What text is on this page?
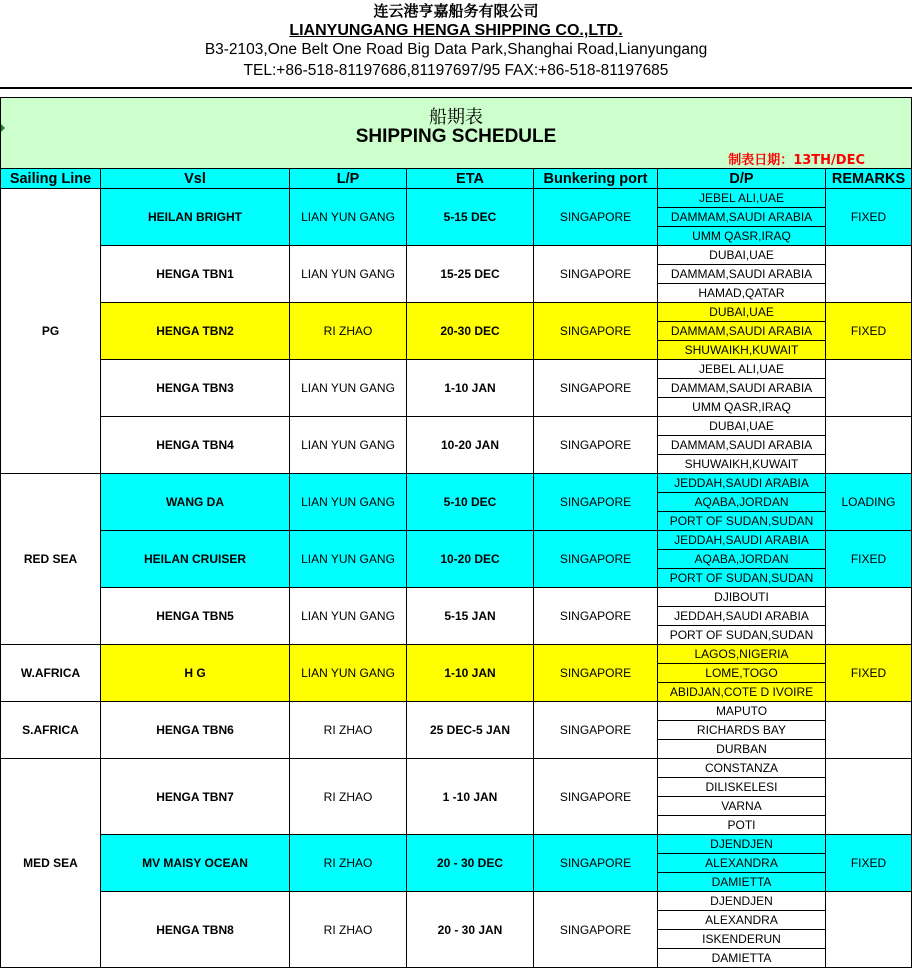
连云港亨嘉船务有限公司
LIANYUNGANG HENGA SHIPPING CO.,LTD.
B3-2103,One Belt One Road Big Data Park,Shanghai Road,Lianyungang
TEL:+86-518-81197686,81197697/95 FAX:+86-518-81197685
船期表
SHIPPING SCHEDULE
制表日期：13TH/DEC
Sailing Line	Vsl	L/P	ETA	Bunkering port	D/P	REMARKS
PG	HEILAN BRIGHT	LIAN YUN GANG	5-15 DEC	SINGAPORE	JEBEL ALI,UAE	FIXED
					DAMMAM,SAUDI ARABIA	
					UMM QASR,IRAQ	
	HENGA TBN1	LIAN YUN GANG	15-25 DEC	SINGAPORE	DUBAI,UAE	
					DAMMAM,SAUDI ARABIA	
					HAMAD,QATAR	
	HENGA TBN2	RI ZHAO	20-30 DEC	SINGAPORE	DUBAI,UAE	FIXED
					DAMMAM,SAUDI ARABIA	
					SHUWAIKH,KUWAIT	
	HENGA TBN3	LIAN YUN GANG	1-10 JAN	SINGAPORE	JEBEL ALI,UAE	
					DAMMAM,SAUDI ARABIA	
					UMM QASR,IRAQ	
	HENGA TBN4	LIAN YUN GANG	10-20 JAN	SINGAPORE	DUBAI,UAE	
					DAMMAM,SAUDI ARABIA	
					SHUWAIKH,KUWAIT	
RED SEA	WANG DA	LIAN YUN GANG	5-10 DEC	SINGAPORE	JEDDAH,SAUDI ARABIA	LOADING
					AQABA,JORDAN	
					PORT OF SUDAN,SUDAN	
	HEILAN CRUISER	LIAN YUN GANG	10-20 DEC	SINGAPORE	JEDDAH,SAUDI ARABIA	FIXED
					AQABA,JORDAN	
					PORT OF SUDAN,SUDAN	
	HENGA TBN5	LIAN YUN GANG	5-15 JAN	SINGAPORE	DJIBOUTI	
					JEDDAH,SAUDI ARABIA	
					PORT OF SUDAN,SUDAN	
W.AFRICA	H G	LIAN YUN GANG	1-10 JAN	SINGAPORE	LAGOS,NIGERIA	FIXED
					LOME,TOGO	
					ABIDJAN,COTE D IVOIRE	
S.AFRICA	HENGA TBN6	RI ZHAO	25 DEC-5 JAN	SINGAPORE	MAPUTO	
					RICHARDS BAY	
					DURBAN	
MED SEA	HENGA TBN7	RI ZHAO	1 -10 JAN	SINGAPORE	CONSTANZA	
					DILISKELESI	
					VARNA	
					POTI	
	MV MAISY OCEAN	RI ZHAO	20 - 30 DEC	SINGAPORE	DJENDJEN	FIXED
					ALEXANDRA	
					DAMIETTA	
	HENGA TBN8	RI ZHAO	20 - 30 JAN	SINGAPORE	DJENDJEN	
					ALEXANDRA	
					ISKENDERUN	
					DAMIETTA	
